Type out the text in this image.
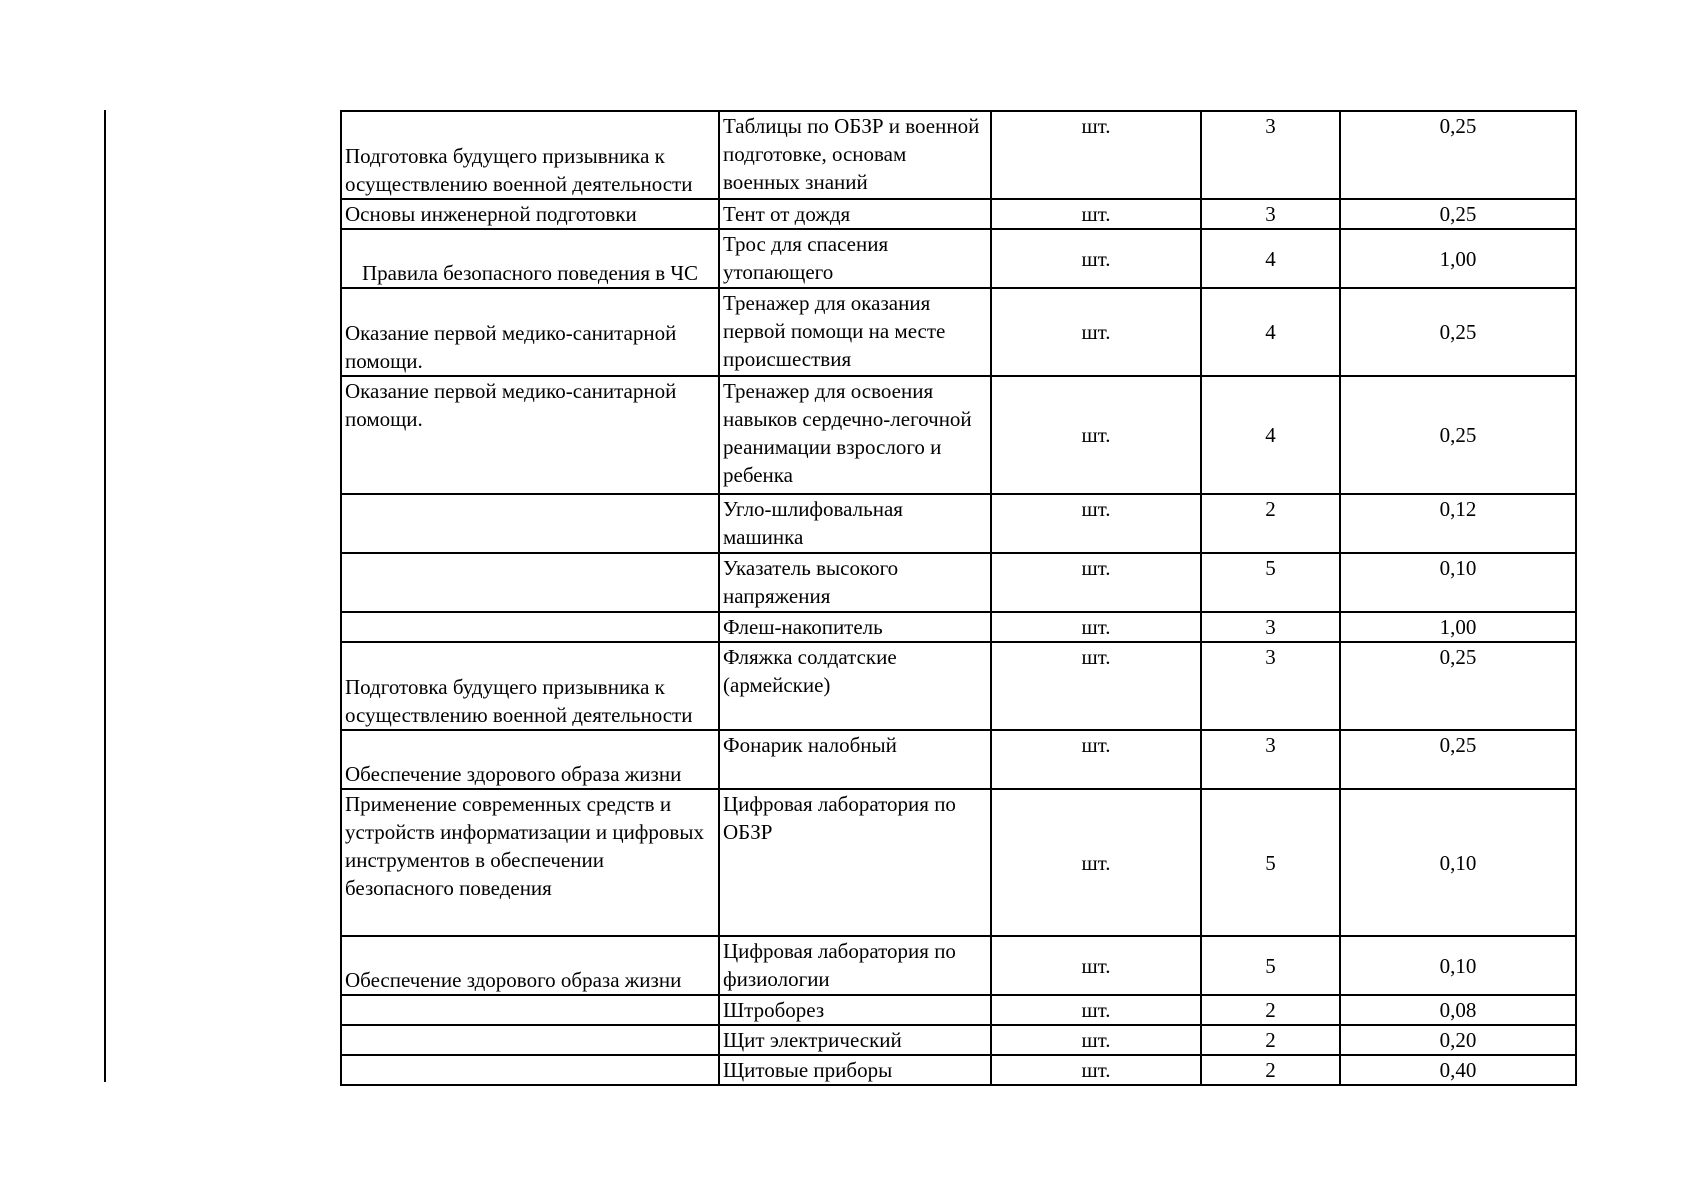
Подготовка будущего призывника к осуществлению военной деятельности	Таблицы по ОБЗР и военной подготовке, основам военных знаний	шт.	3	0,25
Основы инженерной подготовки	Тент от дождя	шт.	3	0,25
Правила безопасного поведения в ЧС	Трос для спасения утопающего	шт.	4	1,00
Оказание первой медико-санитарной помощи.	Тренажер для оказания первой помощи на месте происшествия	шт.	4	0,25
Оказание первой медико-санитарной помощи.	Тренажер для освоения навыков сердечно-легочной реанимации взрослого и ребенка	шт.	4	0,25
	Угло-шлифовальная машинка	шт.	2	0,12
	Указатель высокого напряжения	шт.	5	0,10
	Флеш-накопитель	шт.	3	1,00
Подготовка будущего призывника к осуществлению военной деятельности	Фляжка солдатские (армейские)	шт.	3	0,25
Обеспечение здорового образа жизни	Фонарик налобный	шт.	3	0,25
Применение современных средств и устройств информатизации и цифровых инструментов в обеспечении безопасного поведения	Цифровая лаборатория по ОБЗР	шт.	5	0,10
Обеспечение здорового образа жизни	Цифровая лаборатория по физиологии	шт.	5	0,10
	Штроборез	шт.	2	0,08
	Щит электрический	шт.	2	0,20
	Щитовые приборы	шт.	2	0,40
